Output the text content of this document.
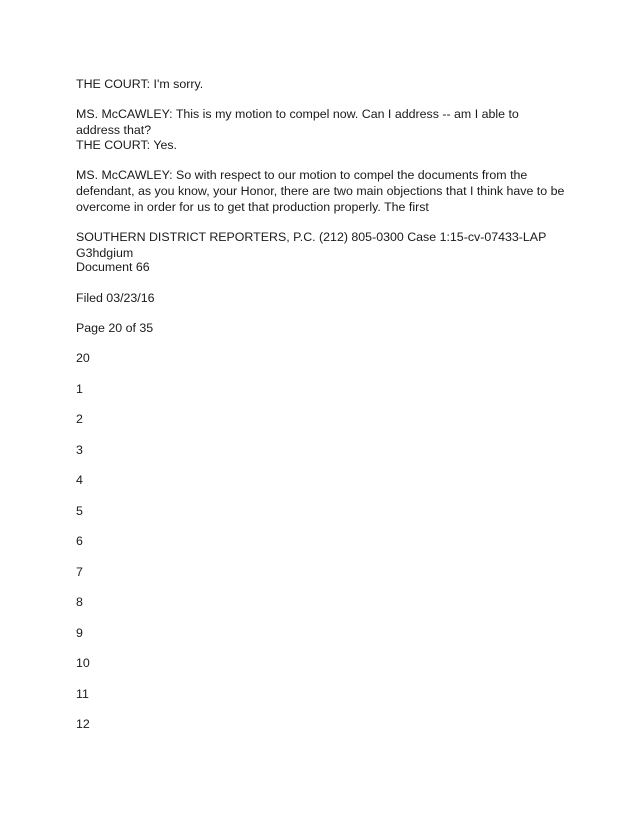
THE COURT: I'm sorry.

MS. McCAWLEY: This is my motion to compel now. Can I address -- am I able to address that?

THE COURT: Yes.

MS. McCAWLEY: So with respect to our motion to compel the documents from the defendant, as you know, your Honor, there are two main objections that I think have to be overcome in order for us to get that production properly. The first

SOUTHERN DISTRICT REPORTERS, P.C. (212) 805-0300 Case 1:15-cv-07433-LAP G3hdgium

Document 66

Filed 03/23/16

Page 20 of 35

20

1

2

3

4

5

6

7

8

9

10

11

12
